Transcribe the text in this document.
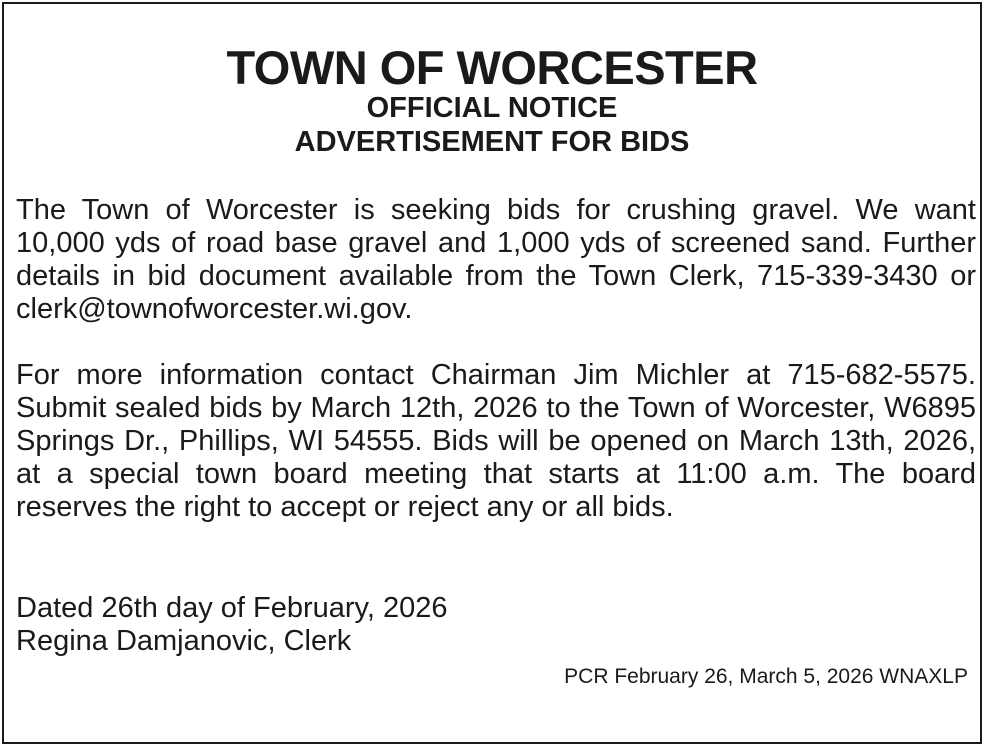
TOWN OF WORCESTER
OFFICIAL NOTICE
ADVERTISEMENT FOR BIDS

The Town of Worcester is seeking bids for crushing gravel. We want 10,000 yds of road base gravel and 1,000 yds of screened sand. Further details in bid document available from the Town Clerk, 715-339-3430 or clerk@townofworcester.wi.gov.

For more information contact Chairman Jim Michler at 715-682-5575. Submit sealed bids by March 12th, 2026 to the Town of Worcester, W6895 Springs Dr., Phillips, WI 54555. Bids will be opened on March 13th, 2026, at a special town board meeting that starts at 11:00 a.m. The board reserves the right to accept or reject any or all bids.

Dated 26th day of February, 2026
Regina Damjanovic, Clerk
PCR February 26, March 5, 2026 WNAXLP
